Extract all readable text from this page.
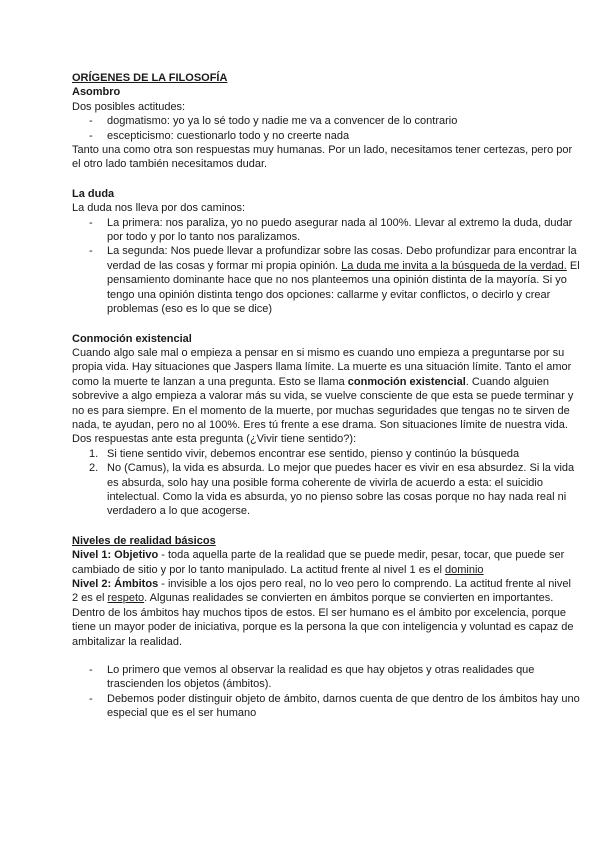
ORÍGENES DE LA FILOSOFÍA

Asombro

Dos posibles actitudes:

- dogmatismo: yo ya lo sé todo y nadie me va a convencer de lo contrario
- escepticismo: cuestionarlo todo y no creerte nada

Tanto una como otra son respuestas muy humanas. Por un lado, necesitamos tener certezas, pero por el otro lado también necesitamos dudar.

La duda

La duda nos lleva por dos caminos:

- La primera: nos paraliza, yo no puedo asegurar nada al 100%. Llevar al extremo la duda, dudar por todo y por lo tanto nos paralizamos.
- La segunda: Nos puede llevar a profundizar sobre las cosas. Debo profundizar para encontrar la verdad de las cosas y formar mi propia opinión. La duda me invita a la búsqueda de la verdad. El pensamiento dominante hace que no nos planteemos una opinión distinta de la mayoría. Si yo tengo una opinión distinta tengo dos opciones: callarme y evitar conflictos, o decirlo y crear problemas (eso es lo que se dice)

Conmoción existencial

Cuando algo sale mal o empieza a pensar en si mismo es cuando uno empieza a preguntarse por su propia vida. Hay situaciones que Jaspers llama límite. La muerte es una situación límite. Tanto el amor como la muerte te lanzan a una pregunta. Esto se llama conmoción existencial. Cuando alguien sobrevive a algo empieza a valorar más su vida, se vuelve consciente de que esta se puede terminar y no es para siempre. En el momento de la muerte, por muchas seguridades que tengas no te sirven de nada, te ayudan, pero no al 100%. Eres tú frente a ese drama. Son situaciones límite de nuestra vida.

Dos respuestas ante esta pregunta (¿Vivir tiene sentido?):

1. Si tiene sentido vivir, debemos encontrar ese sentido, pienso y continúo la búsqueda
2. No (Camus), la vida es absurda. Lo mejor que puedes hacer es vivir en esa absurdez. Si la vida es absurda, solo hay una posible forma coherente de vivirla de acuerdo a esta: el suicidio intelectual. Como la vida es absurda, yo no pienso sobre las cosas porque no hay nada real ni verdadero a lo que acogerse.

Niveles de realidad básicos

Nivel 1: Objetivo - toda aquella parte de la realidad que se puede medir, pesar, tocar, que puede ser cambiado de sitio y por lo tanto manipulado. La actitud frente al nivel 1 es el dominio

Nivel 2: Ámbitos - invisible a los ojos pero real, no lo veo pero lo comprendo. La actitud frente al nivel 2 es el respeto. Algunas realidades se convierten en ámbitos porque se convierten en importantes. Dentro de los ámbitos hay muchos tipos de estos. El ser humano es el ámbito por excelencia, porque tiene un mayor poder de iniciativa, porque es la persona la que con inteligencia y voluntad es capaz de ambitalizar la realidad.

- Lo primero que vemos al observar la realidad es que hay objetos y otras realidades que trascienden los objetos (ámbitos).
- Debemos poder distinguir objeto de ámbito, darnos cuenta de que dentro de los ámbitos hay uno especial que es el ser humano
